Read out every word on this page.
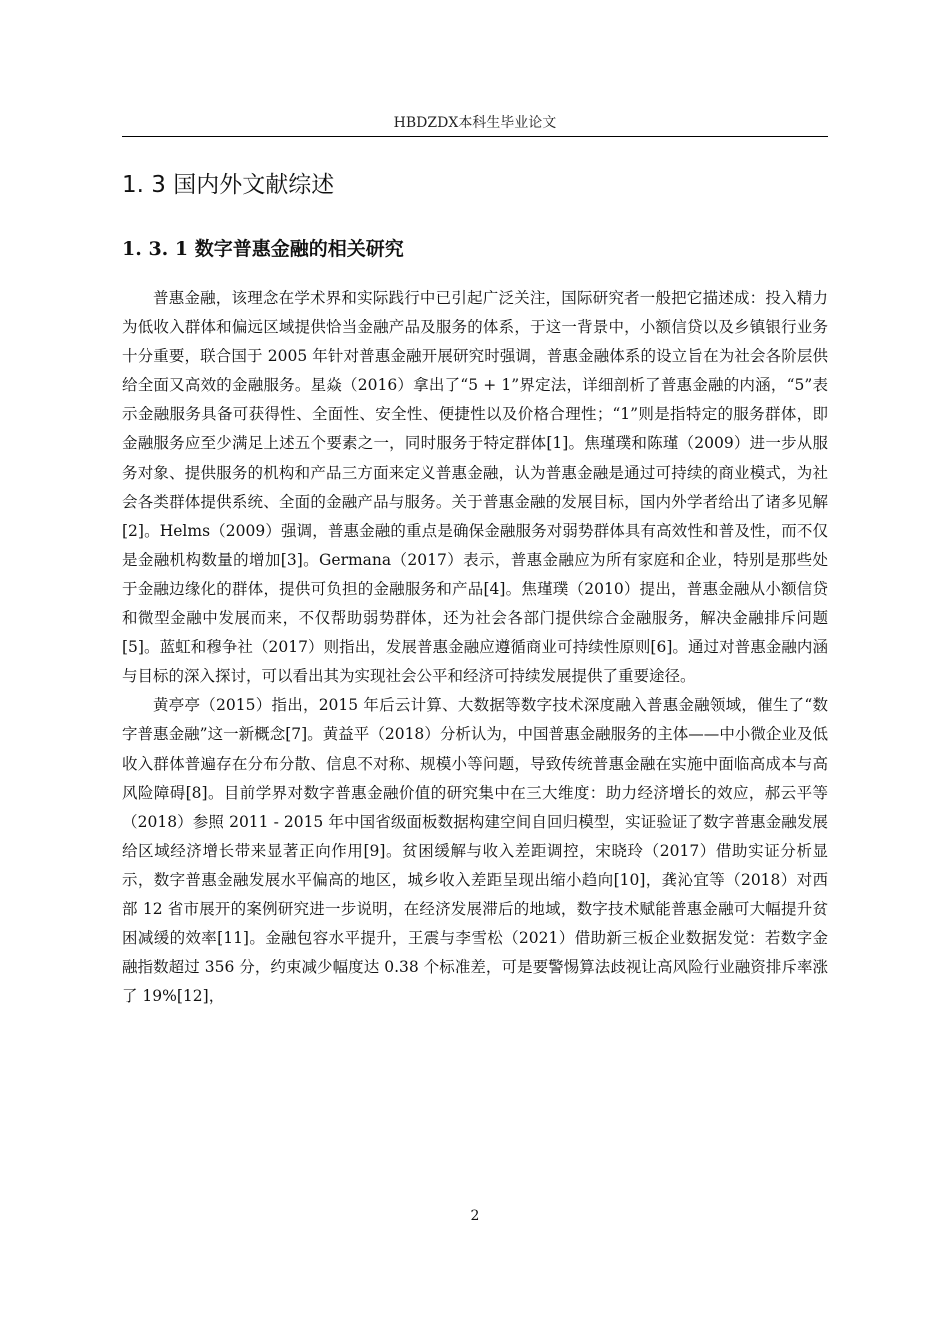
HBDZDX本科生毕业论文
1. 3 国内外文献综述
1. 3. 1 数字普惠金融的相关研究

普惠金融，该理念在学术界和实际践行中已引起广泛关注，国际研究者一般把它描述成：投入精力为低收入群体和偏远区域提供恰当金融产品及服务的体系，于这一背景中，小额信贷以及乡镇银行业务十分重要，联合国于 2005 年针对普惠金融开展研究时强调，普惠金融体系的设立旨在为社会各阶层供给全面又高效的金融服务。星焱（2016）拿出了“5 + 1”界定法，详细剖析了普惠金融的内涵，“5”表示金融服务具备可获得性、全面性、安全性、便捷性以及价格合理性；“1”则是指特定的服务群体，即金融服务应至少满足上述五个要素之一，同时服务于特定群体[1]。焦瑾璞和陈瑾（2009）进一步从服务对象、提供服务的机构和产品三方面来定义普惠金融，认为普惠金融是通过可持续的商业模式，为社会各类群体提供系统、全面的金融产品与服务。关于普惠金融的发展目标，国内外学者给出了诸多见解[2]。Helms（2009）强调，普惠金融的重点是确保金融服务对弱势群体具有高效性和普及性，而不仅是金融机构数量的增加[3]。Germana（2017）表示，普惠金融应为所有家庭和企业，特别是那些处于金融边缘化的群体，提供可负担的金融服务和产品[4]。焦瑾璞（2010）提出，普惠金融从小额信贷和微型金融中发展而来，不仅帮助弱势群体，还为社会各部门提供综合金融服务，解决金融排斥问题[5]。蓝虹和穆争社（2017）则指出，发展普惠金融应遵循商业可持续性原则[6]。通过对普惠金融内涵与目标的深入探讨，可以看出其为实现社会公平和经济可持续发展提供了重要途径。

黄亭亭（2015）指出，2015 年后云计算、大数据等数字技术深度融入普惠金融领域，催生了“数字普惠金融”这一新概念[7]。黄益平（2018）分析认为，中国普惠金融服务的主体——中小微企业及低收入群体普遍存在分布分散、信息不对称、规模小等问题，导致传统普惠金融在实施中面临高成本与高风险障碍[8]。目前学界对数字普惠金融价值的研究集中在三大维度：助力经济增长的效应，郝云平等（2018）参照 2011 - 2015 年中国省级面板数据构建空间自回归模型，实证验证了数字普惠金融发展给区域经济增长带来显著正向作用[9]。贫困缓解与收入差距调控，宋晓玲（2017）借助实证分析显示，数字普惠金融发展水平偏高的地区，城乡收入差距呈现出缩小趋向[10]，龚沁宜等（2018）对西部 12 省市展开的案例研究进一步说明，在经济发展滞后的地域，数字技术赋能普惠金融可大幅提升贫困减缓的效率[11]。金融包容水平提升，王震与李雪松（2021）借助新三板企业数据发觉：若数字金融指数超过 356 分，约束减少幅度达 0.38 个标准差，可是要警惕算法歧视让高风险行业融资排斥率涨了 19%[12]，

2
